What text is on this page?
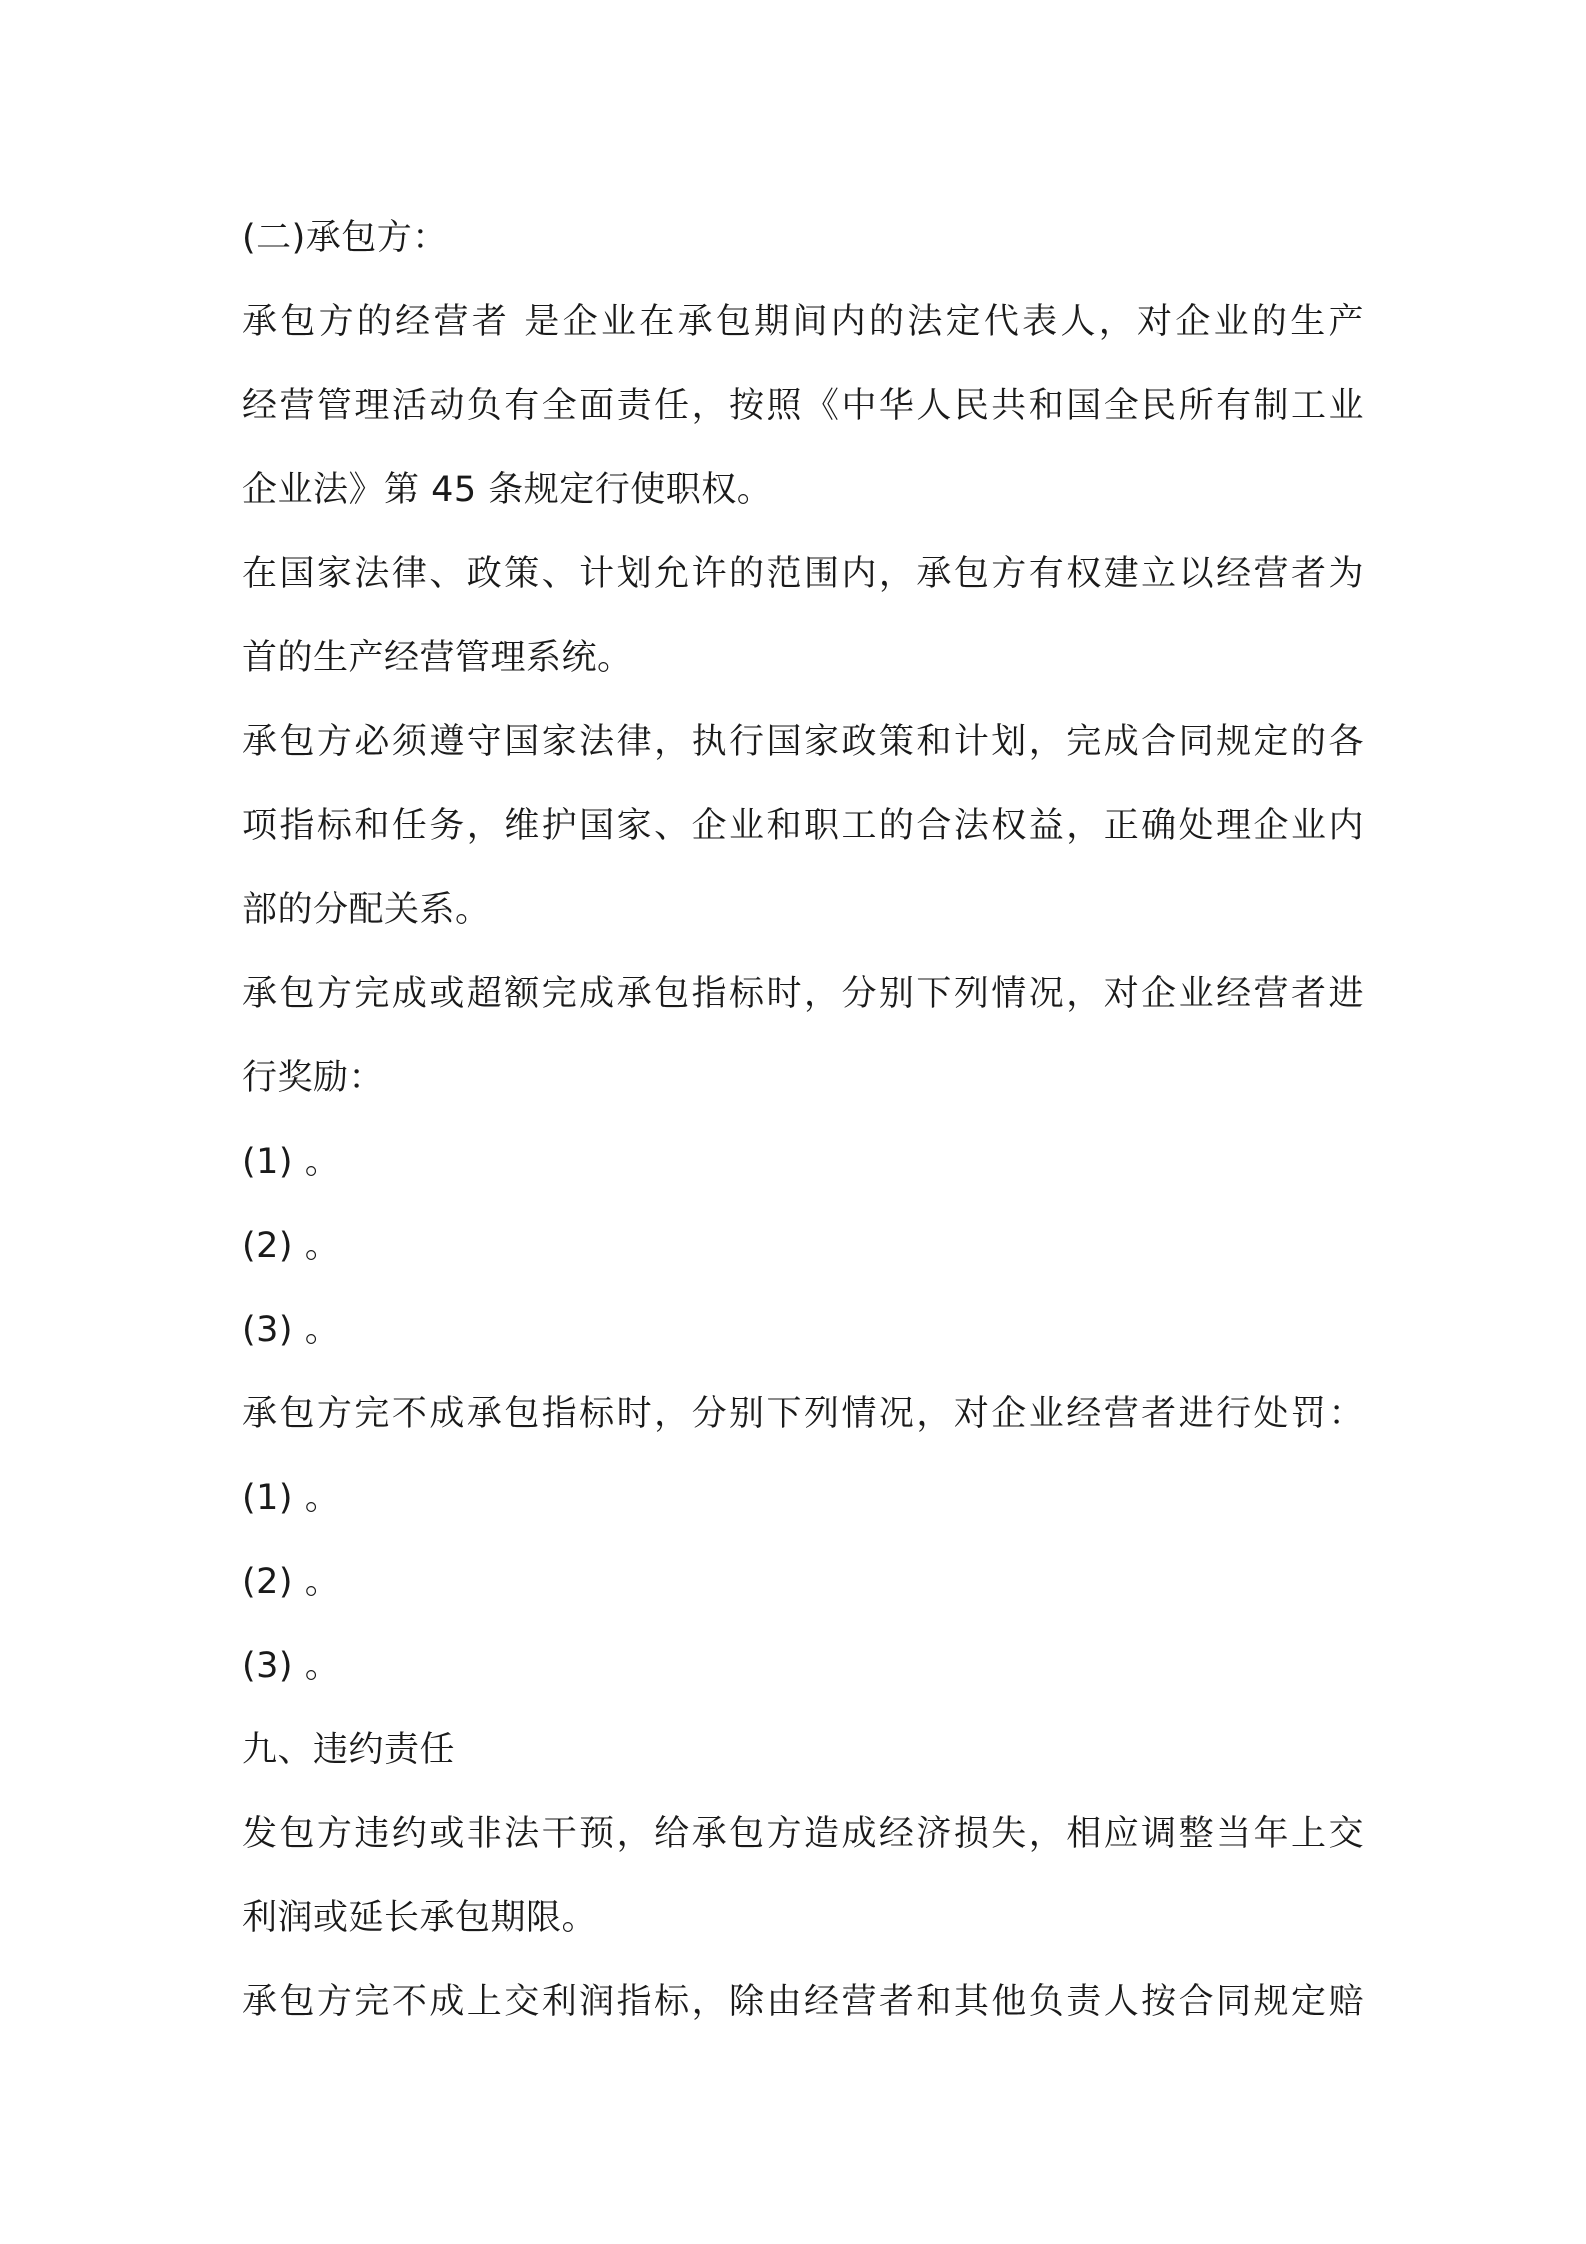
(二)承包方：
承包方的经营者 是企业在承包期间内的法定代表人，对企业的生产
经营管理活动负有全面责任，按照《中华人民共和国全民所有制工业
企业法》第 45 条规定行使职权。
在国家法律、政策、计划允许的范围内，承包方有权建立以经营者为
首的生产经营管理系统。
承包方必须遵守国家法律，执行国家政策和计划，完成合同规定的各
项指标和任务，维护国家、企业和职工的合法权益，正确处理企业内
部的分配关系。
承包方完成或超额完成承包指标时，分别下列情况，对企业经营者进
行奖励：
(1) 。
(2) 。
(3) 。
承包方完不成承包指标时，分别下列情况，对企业经营者进行处罚：
(1) 。
(2) 。
(3) 。
九、违约责任
发包方违约或非法干预，给承包方造成经济损失，相应调整当年上交
利润或延长承包期限。
承包方完不成上交利润指标，除由经营者和其他负责人按合同规定赔
